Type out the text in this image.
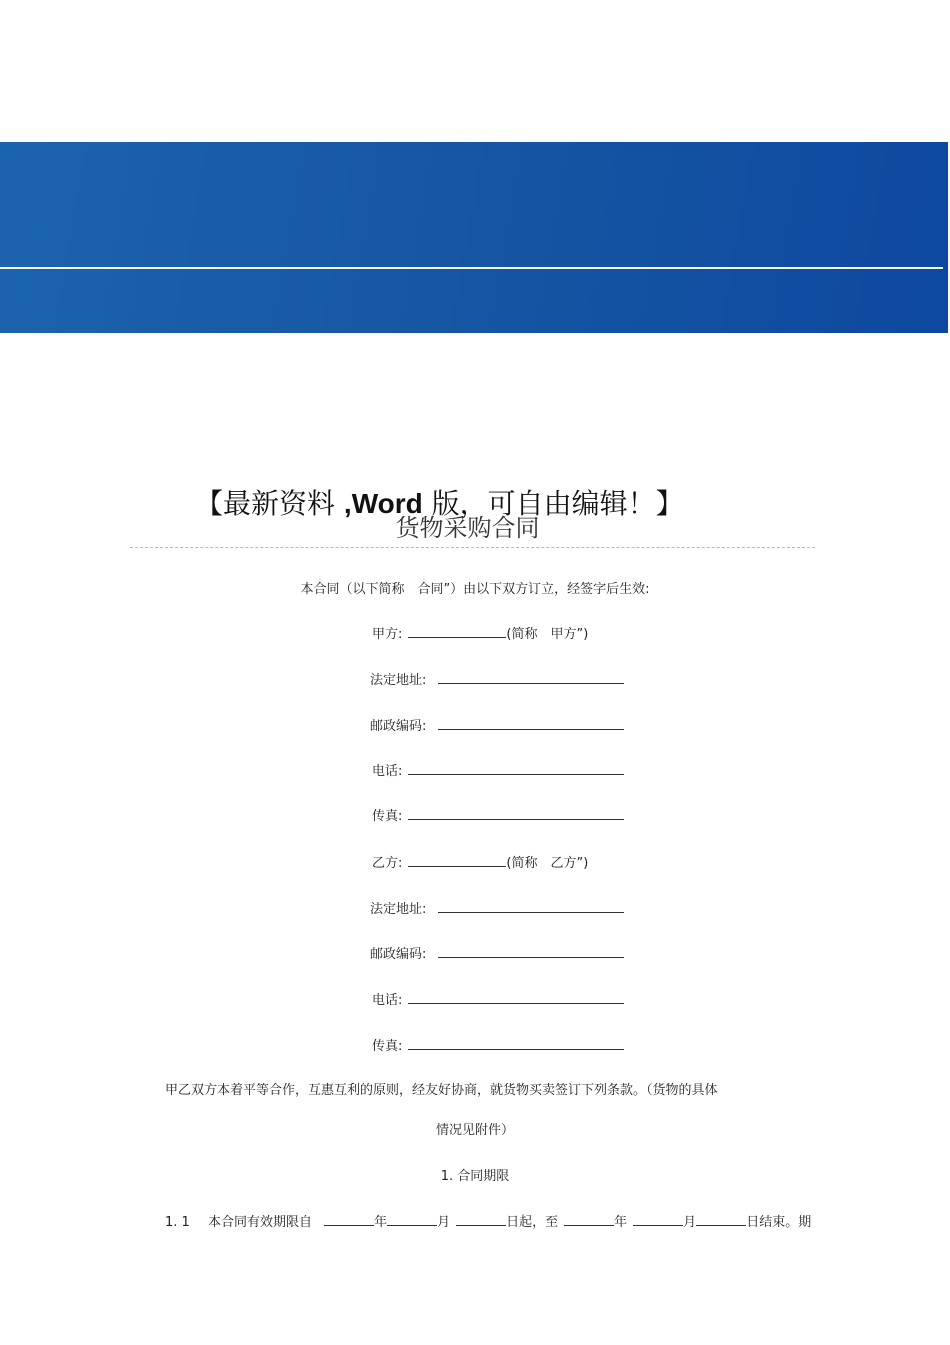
【最新资料 ,Word 版，可自由编辑！】
货物采购合同
本合同（以下简称　合同”）由以下双方订立，经签字后生效:
甲方:	(简称　甲方”)
法定地址:
邮政编码:
电话:
传真:
乙方:	(简称　乙方”)
法定地址:
邮政编码:
电话:
传真:
甲乙双方本着平等合作，互惠互利的原则，经友好协商，就货物买卖签订下列条款。（货物的具体
情况见附件）
1. 合同期限
1. 1 本合同有效期限自	年	月	日起，至	年	月	日结束。期
